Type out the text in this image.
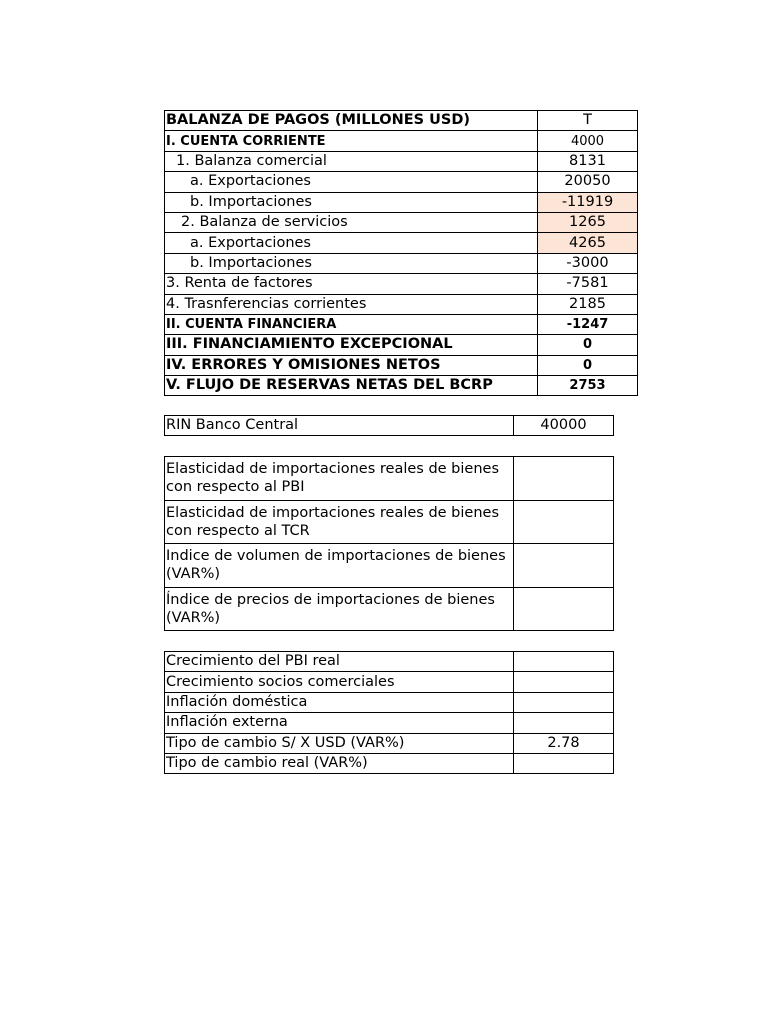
BALANZA DE PAGOS (MILLONES USD)	T
I. CUENTA CORRIENTE	4000
1. Balanza comercial	8131
a. Exportaciones	20050
b. Importaciones	-11919
2. Balanza de servicios	1265
a. Exportaciones	4265
b. Importaciones	-3000
3. Renta de factores	-7581
4. Trasnferencias corrientes	2185
II. CUENTA FINANCIERA	-1247
III. FINANCIAMIENTO EXCEPCIONAL	0
IV. ERRORES Y OMISIONES NETOS	0
V. FLUJO DE RESERVAS NETAS DEL BCRP	2753
RIN Banco Central	40000
Elasticidad de importaciones reales de bienes con respecto al PBI	
Elasticidad de importaciones reales de bienes con respecto al TCR	
Indice de volumen de importaciones de bienes (VAR%)	
Índice de precios de importaciones de bienes (VAR%)	
Crecimiento del PBI real	
Crecimiento socios comerciales	
Inflación doméstica	
Inflación externa	
Tipo de cambio S/ X USD (VAR%)	2.78
Tipo de cambio real (VAR%)	
